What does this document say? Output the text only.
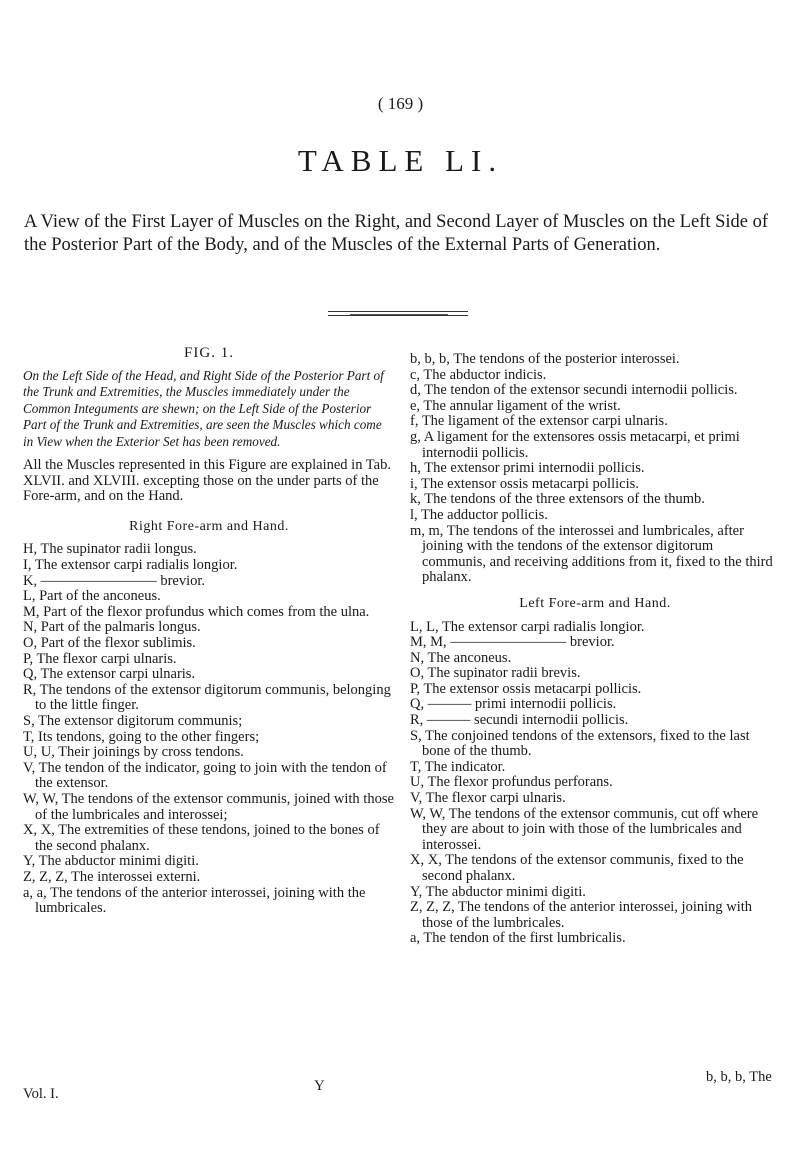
( 169 )
TABLE LI.
A View of the First Layer of Muscles on the Right, and Second Layer of Muscles on the Left Side of the Posterior Part of the Body, and of the Muscles of the External Parts of Generation.
FIG. 1.
On the Left Side of the Head, and Right Side of the Posterior Part of the Trunk and Extremities, the Muscles immediately under the Common Integuments are shewn; on the Left Side of the Posterior Part of the Trunk and Extremities, are seen the Muscles which come in View when the Exterior Set has been removed.
All the Muscles represented in this Figure are explained in Tab. XLVII. and XLVIII. excepting those on the under parts of the Fore-arm, and on the Hand.
Right Fore-arm and Hand.
H, The supinator radii longus.
I, The extensor carpi radialis longior.
K, ———————— brevior.
L, Part of the anconeus.
M, Part of the flexor profundus which comes from the ulna.
N, Part of the palmaris longus.
O, Part of the flexor sublimis.
P, The flexor carpi ulnaris.
Q, The extensor carpi ulnaris.
R, The tendons of the extensor digitorum communis, belonging to the little finger.
S, The extensor digitorum communis;
T, Its tendons, going to the other fingers;
U, U, Their joinings by cross tendons.
V, The tendon of the indicator, going to join with the tendon of the extensor.
W, W, The tendons of the extensor communis, joined with those of the lumbricales and interossei;
X, X, The extremities of these tendons, joined to the bones of the second phalanx.
Y, The abductor minimi digiti.
Z, Z, Z, The interossei externi.
a, a, The tendons of the anterior interossei, joining with the lumbricales.
b, b, b, The tendons of the posterior interossei.
c, The abductor indicis.
d, The tendon of the extensor secundi internodii pollicis.
e, The annular ligament of the wrist.
f, The ligament of the extensor carpi ulnaris.
g, A ligament for the extensores ossis metacarpi, et primi internodii pollicis.
h, The extensor primi internodii pollicis.
i, The extensor ossis metacarpi pollicis.
k, The tendons of the three extensors of the thumb.
l, The adductor pollicis.
m, m, The tendons of the interossei and lumbricales, after joining with the tendons of the extensor digitorum communis, and receiving additions from it, fixed to the third phalanx.
Left Fore-arm and Hand.
L, L, The extensor carpi radialis longior.
M, M, ———————— brevior.
N, The anconeus.
O, The supinator radii brevis.
P, The extensor ossis metacarpi pollicis.
Q, ——— primi internodii pollicis.
R, ——— secundi internodii pollicis.
S, The conjoined tendons of the extensors, fixed to the last bone of the thumb.
T, The indicator.
U, The flexor profundus perforans.
V, The flexor carpi ulnaris.
W, W, The tendons of the extensor communis, cut off where they are about to join with those of the lumbricales and interossei.
X, X, The tendons of the extensor communis, fixed to the second phalanx.
Y, The abductor minimi digiti.
Z, Z, Z, The tendons of the anterior interossei, joining with those of the lumbricales.
a, The tendon of the first lumbricalis.
Vol. I.	Y
b, b, b, The
